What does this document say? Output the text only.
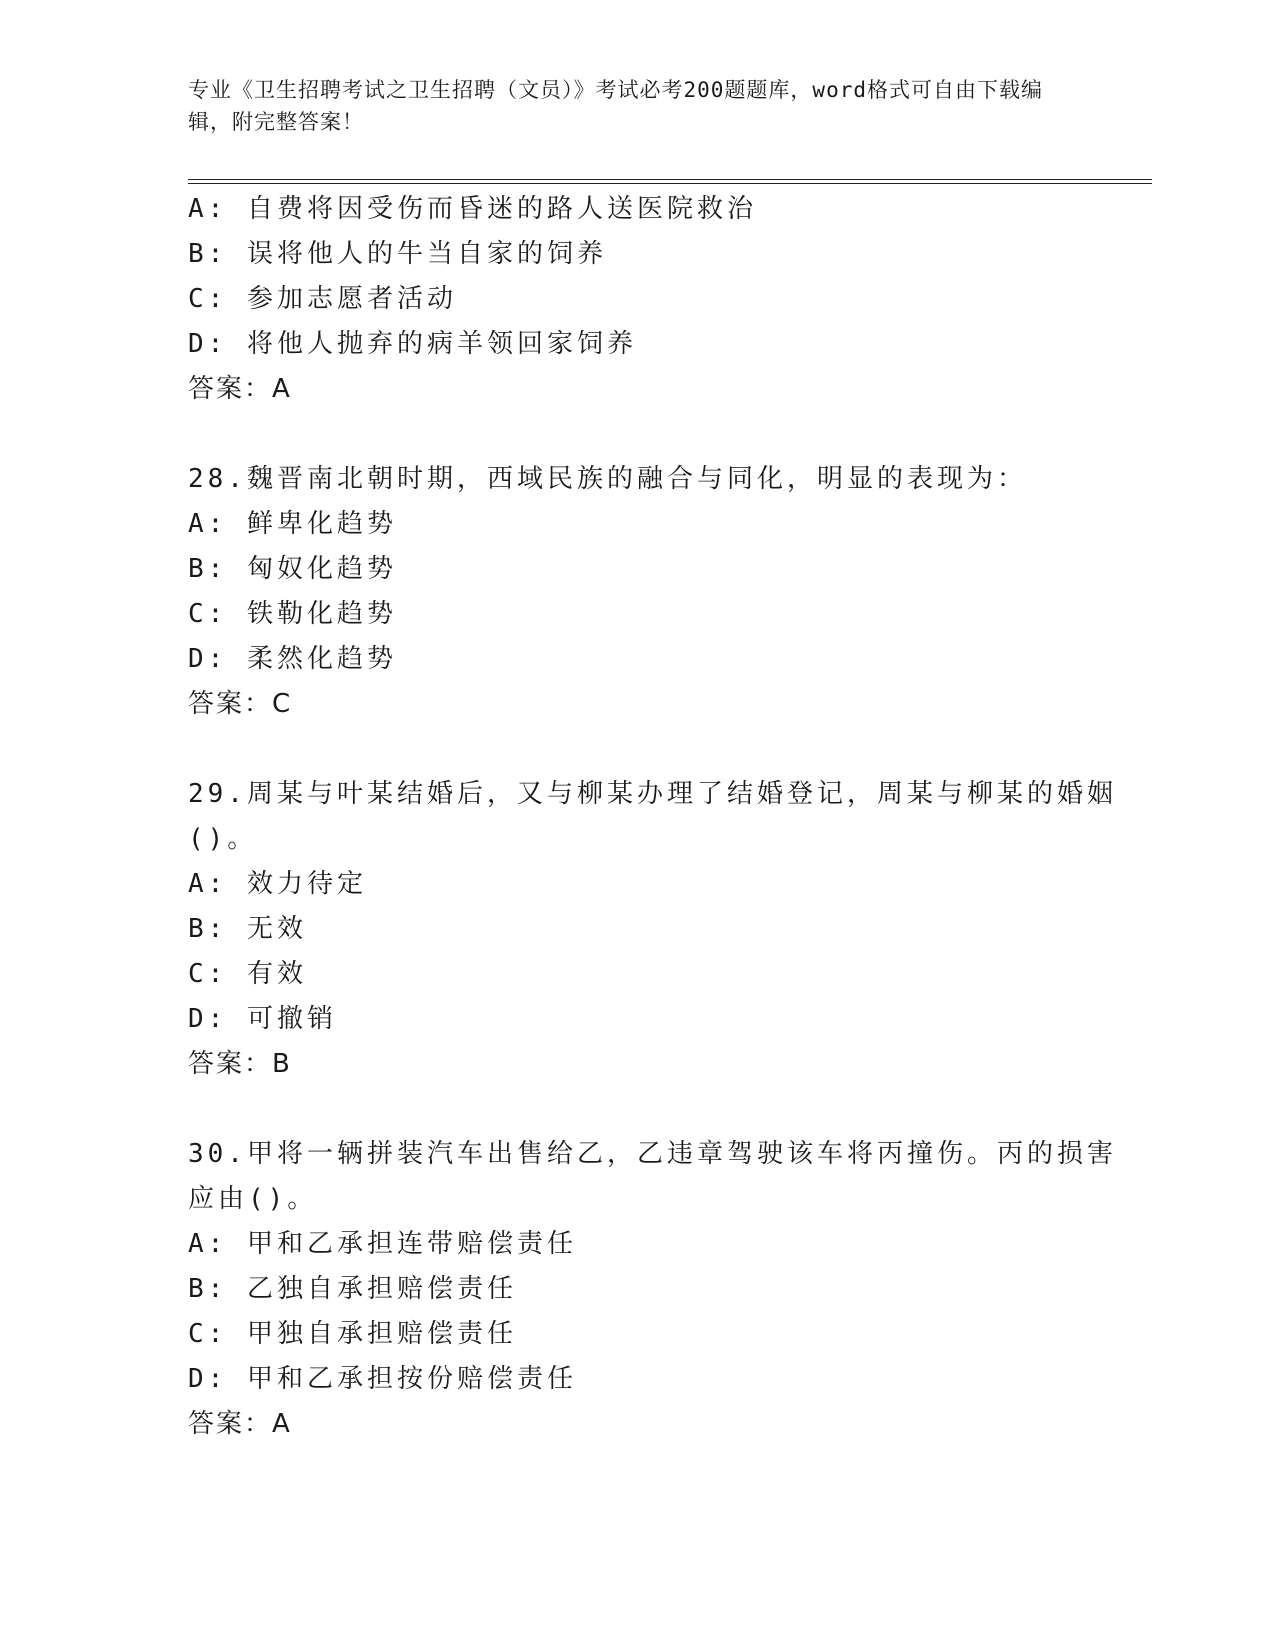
专业《卫生招聘考试之卫生招聘（文员）》考试必考200题题库，word格式可自由下载编辑，附完整答案！
A: 自费将因受伤而昏迷的路人送医院救治
B: 误将他人的牛当自家的饲养
C: 参加志愿者活动
D: 将他人抛弃的病羊领回家饲养
答案：A
28.魏晋南北朝时期，西域民族的融合与同化，明显的表现为：
A: 鲜卑化趋势
B: 匈奴化趋势
C: 铁勒化趋势
D: 柔然化趋势
答案：C
29.周某与叶某结婚后，又与柳某办理了结婚登记，周某与柳某的婚姻
()。
A: 效力待定
B: 无效
C: 有效
D: 可撤销
答案：B
30.甲将一辆拼装汽车出售给乙，乙违章驾驶该车将丙撞伤。丙的损害
应由()。
A: 甲和乙承担连带赔偿责任
B: 乙独自承担赔偿责任
C: 甲独自承担赔偿责任
D: 甲和乙承担按份赔偿责任
答案：A
